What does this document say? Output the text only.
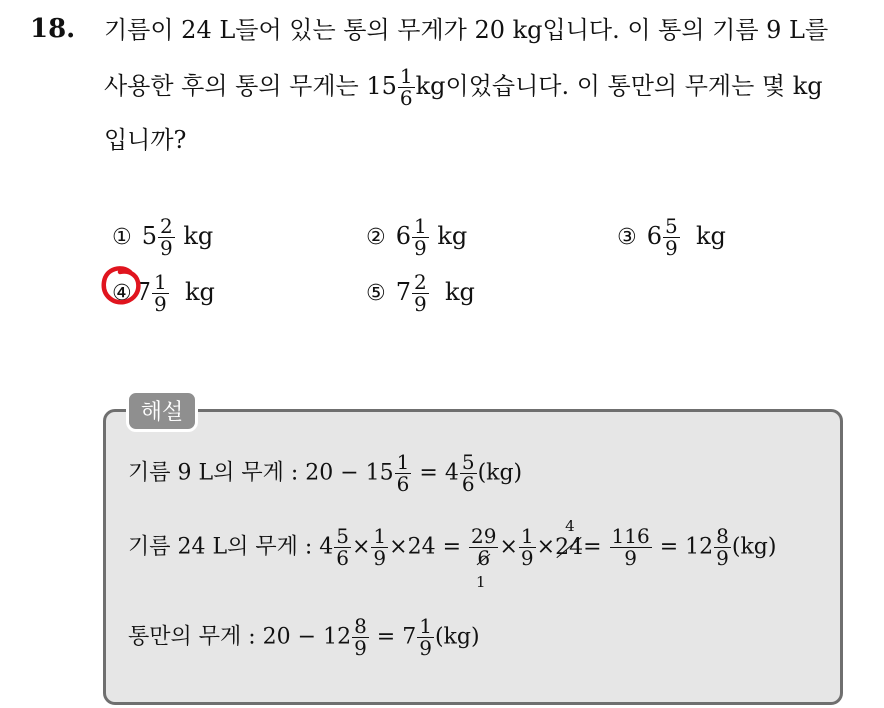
18. 기름이 24 L들어 있는 통의 무게가 20 kg입니다. 이 통의 기름 9 L를
사용한 후의 통의 무게는 $15 \frac{1}{6}$ kg이었습니다. 이 통만의 무게는 몇 kg
입니까?
① $5 \frac{2}{9}$ kg	② $6 \frac{1}{9}$ kg	③ $6 \frac{5}{9}$ kg
④ $7 \frac{1}{9}$ kg	⑤ $7 \frac{2}{9}$ kg
해설
기름 9 L의 무게 : $20 - 15 \frac{1}{6} = 4 \frac{5}{6} (kg)$
기름 24 L의 무게 : $4 \frac{5}{6} \times \frac{1}{9} \times 24 = 29$
6
1
× $\frac{1}{9} \times 24$
4
= $\frac{116}{9} = 12 \frac{8}{9} (kg)$
통만의 무게 : $20 - 12 \frac{8}{9} = 7 \frac{1}{9} (kg)$
